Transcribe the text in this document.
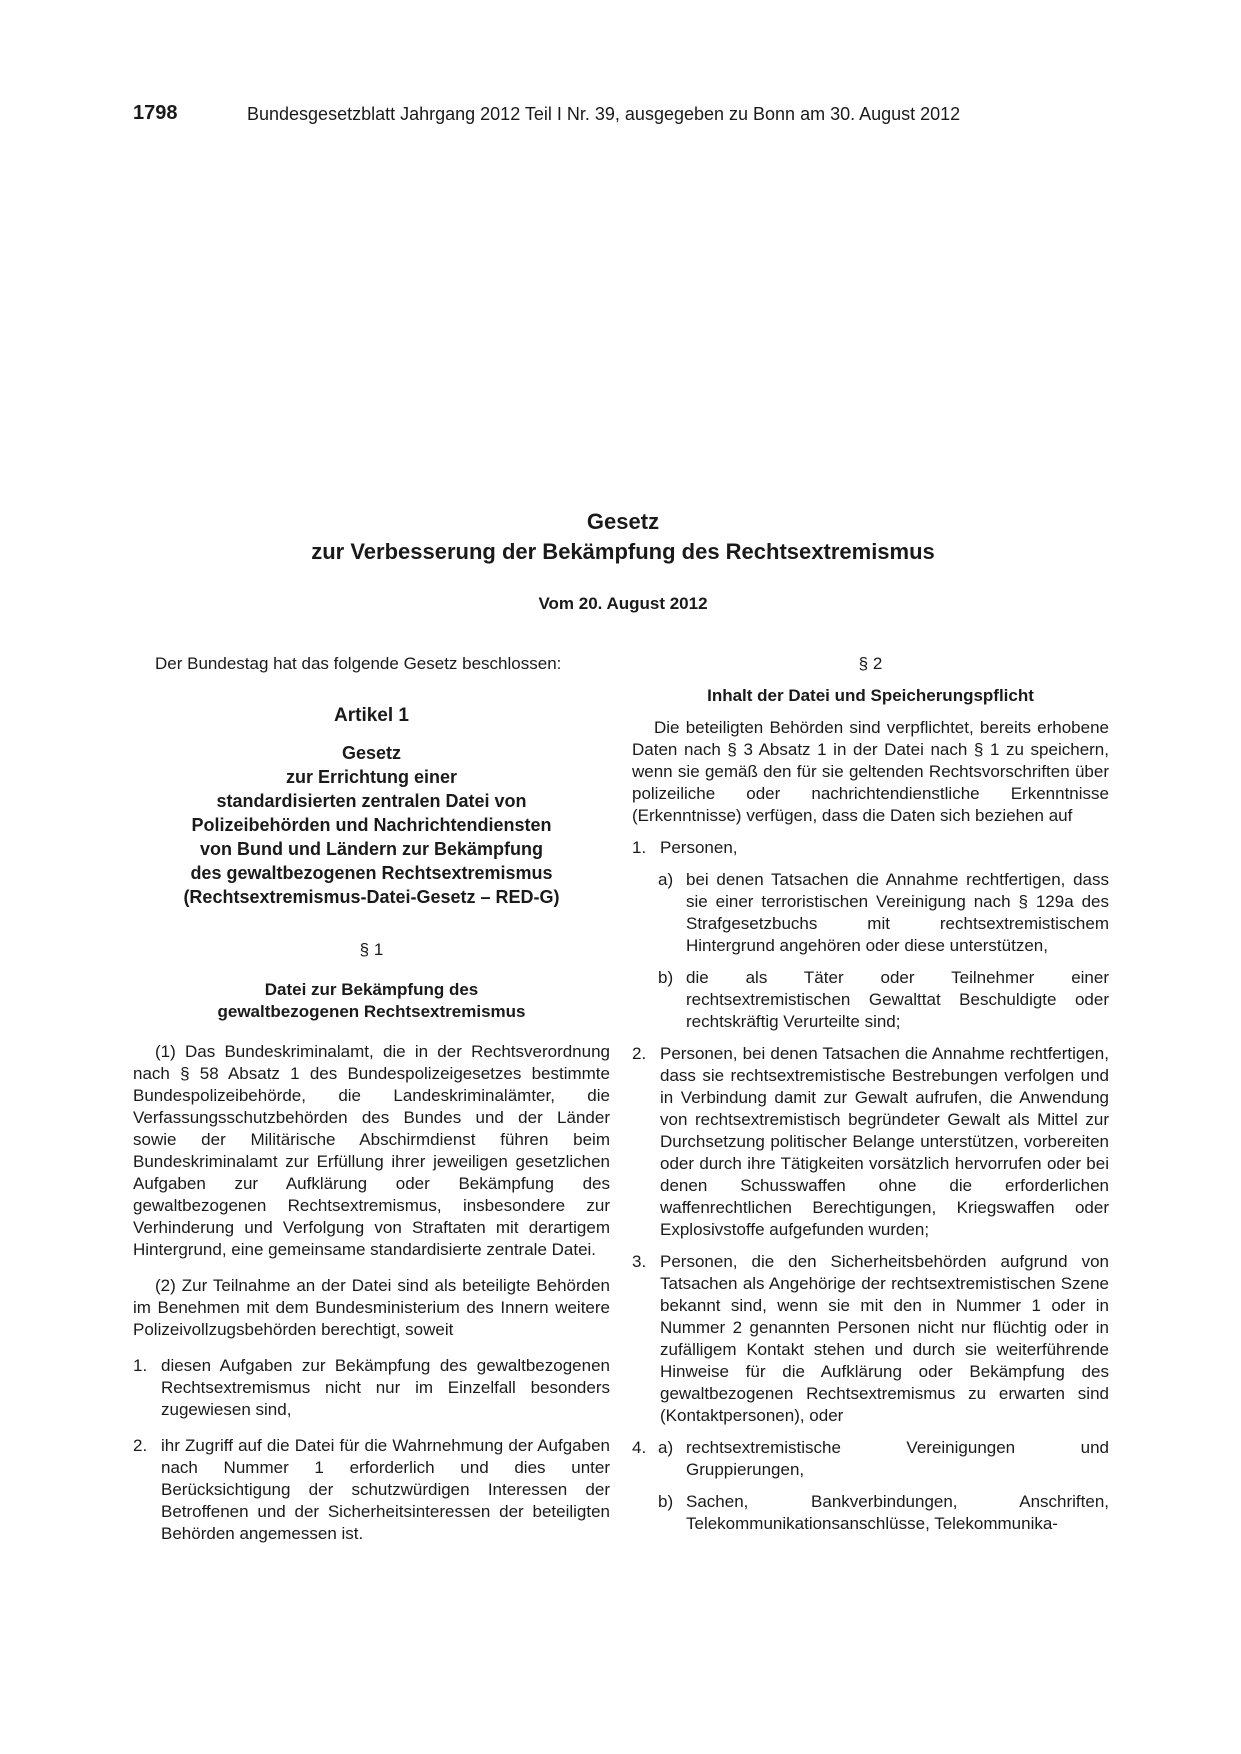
1798	Bundesgesetzblatt Jahrgang 2012 Teil I Nr. 39, ausgegeben zu Bonn am 30. August 2012

Gesetz

zur Verbesserung der Bekämpfung des Rechtsextremismus

Vom 20. August 2012

Der Bundestag hat das folgende Gesetz beschlossen:

Artikel 1

Gesetz

zur Errichtung einer

standardisierten zentralen Datei von

Polizeibehörden und Nachrichtendiensten

von Bund und Ländern zur Bekämpfung

des gewaltbezogenen Rechtsextremismus

(Rechtsextremismus-Datei-Gesetz – RED-G)

§ 1

Datei zur Bekämpfung des

gewaltbezogenen Rechtsextremismus

(1) Das Bundeskriminalamt, die in der Rechtsverordnung nach § 58 Absatz 1 des Bundespolizeigesetzes bestimmte Bundespolizeibehörde, die Landeskriminalämter, die Verfassungsschutzbehörden des Bundes und der Länder sowie der Militärische Abschirmdienst führen beim Bundeskriminalamt zur Erfüllung ihrer jeweiligen gesetzlichen Aufgaben zur Aufklärung oder Bekämpfung des gewaltbezogenen Rechtsextremismus, insbesondere zur Verhinderung und Verfolgung von Straftaten mit derartigem Hintergrund, eine gemeinsame standardisierte zentrale Datei.

(2) Zur Teilnahme an der Datei sind als beteiligte Behörden im Benehmen mit dem Bundesministerium des Innern weitere Polizeivollzugsbehörden berechtigt, soweit

1. diesen Aufgaben zur Bekämpfung des gewaltbezogenen Rechtsextremismus nicht nur im Einzelfall besonders zugewiesen sind,
2. ihr Zugriff auf die Datei für die Wahrnehmung der Aufgaben nach Nummer 1 erforderlich und dies unter Berücksichtigung der schutzwürdigen Interessen der Betroffenen und der Sicherheitsinteressen der beteiligten Behörden angemessen ist.

§ 2

Inhalt der Datei und Speicherungspflicht

Die beteiligten Behörden sind verpflichtet, bereits erhobene Daten nach § 3 Absatz 1 in der Datei nach § 1 zu speichern, wenn sie gemäß den für sie geltenden Rechtsvorschriften über polizeiliche oder nachrichtendienstliche Erkenntnisse (Erkenntnisse) verfügen, dass die Daten sich beziehen auf

1. Personen,
a) bei denen Tatsachen die Annahme rechtfertigen, dass sie einer terroristischen Vereinigung nach § 129a des Strafgesetzbuchs mit rechtsextremistischem Hintergrund angehören oder diese unterstützen,
b) die als Täter oder Teilnehmer einer rechtsextremistischen Gewalttat Beschuldigte oder rechtskräftig Verurteilte sind;
2. Personen, bei denen Tatsachen die Annahme rechtfertigen, dass sie rechtsextremistische Bestrebungen verfolgen und in Verbindung damit zur Gewalt aufrufen, die Anwendung von rechtsextremistisch begründeter Gewalt als Mittel zur Durchsetzung politischer Belange unterstützen, vorbereiten oder durch ihre Tätigkeiten vorsätzlich hervorrufen oder bei denen Schusswaffen ohne die erforderlichen waffenrechtlichen Berechtigungen, Kriegswaffen oder Explosivstoffe aufgefunden wurden;
3. Personen, die den Sicherheitsbehörden aufgrund von Tatsachen als Angehörige der rechtsextremistischen Szene bekannt sind, wenn sie mit den in Nummer 1 oder in Nummer 2 genannten Personen nicht nur flüchtig oder in zufälligem Kontakt stehen und durch sie weiterführende Hinweise für die Aufklärung oder Bekämpfung des gewaltbezogenen Rechtsextremismus zu erwarten sind (Kontaktpersonen), oder
4. a) rechtsextremistische Vereinigungen und Gruppierungen,
b) Sachen, Bankverbindungen, Anschriften, Telekommunikationsanschlüsse, Telekommunika-
